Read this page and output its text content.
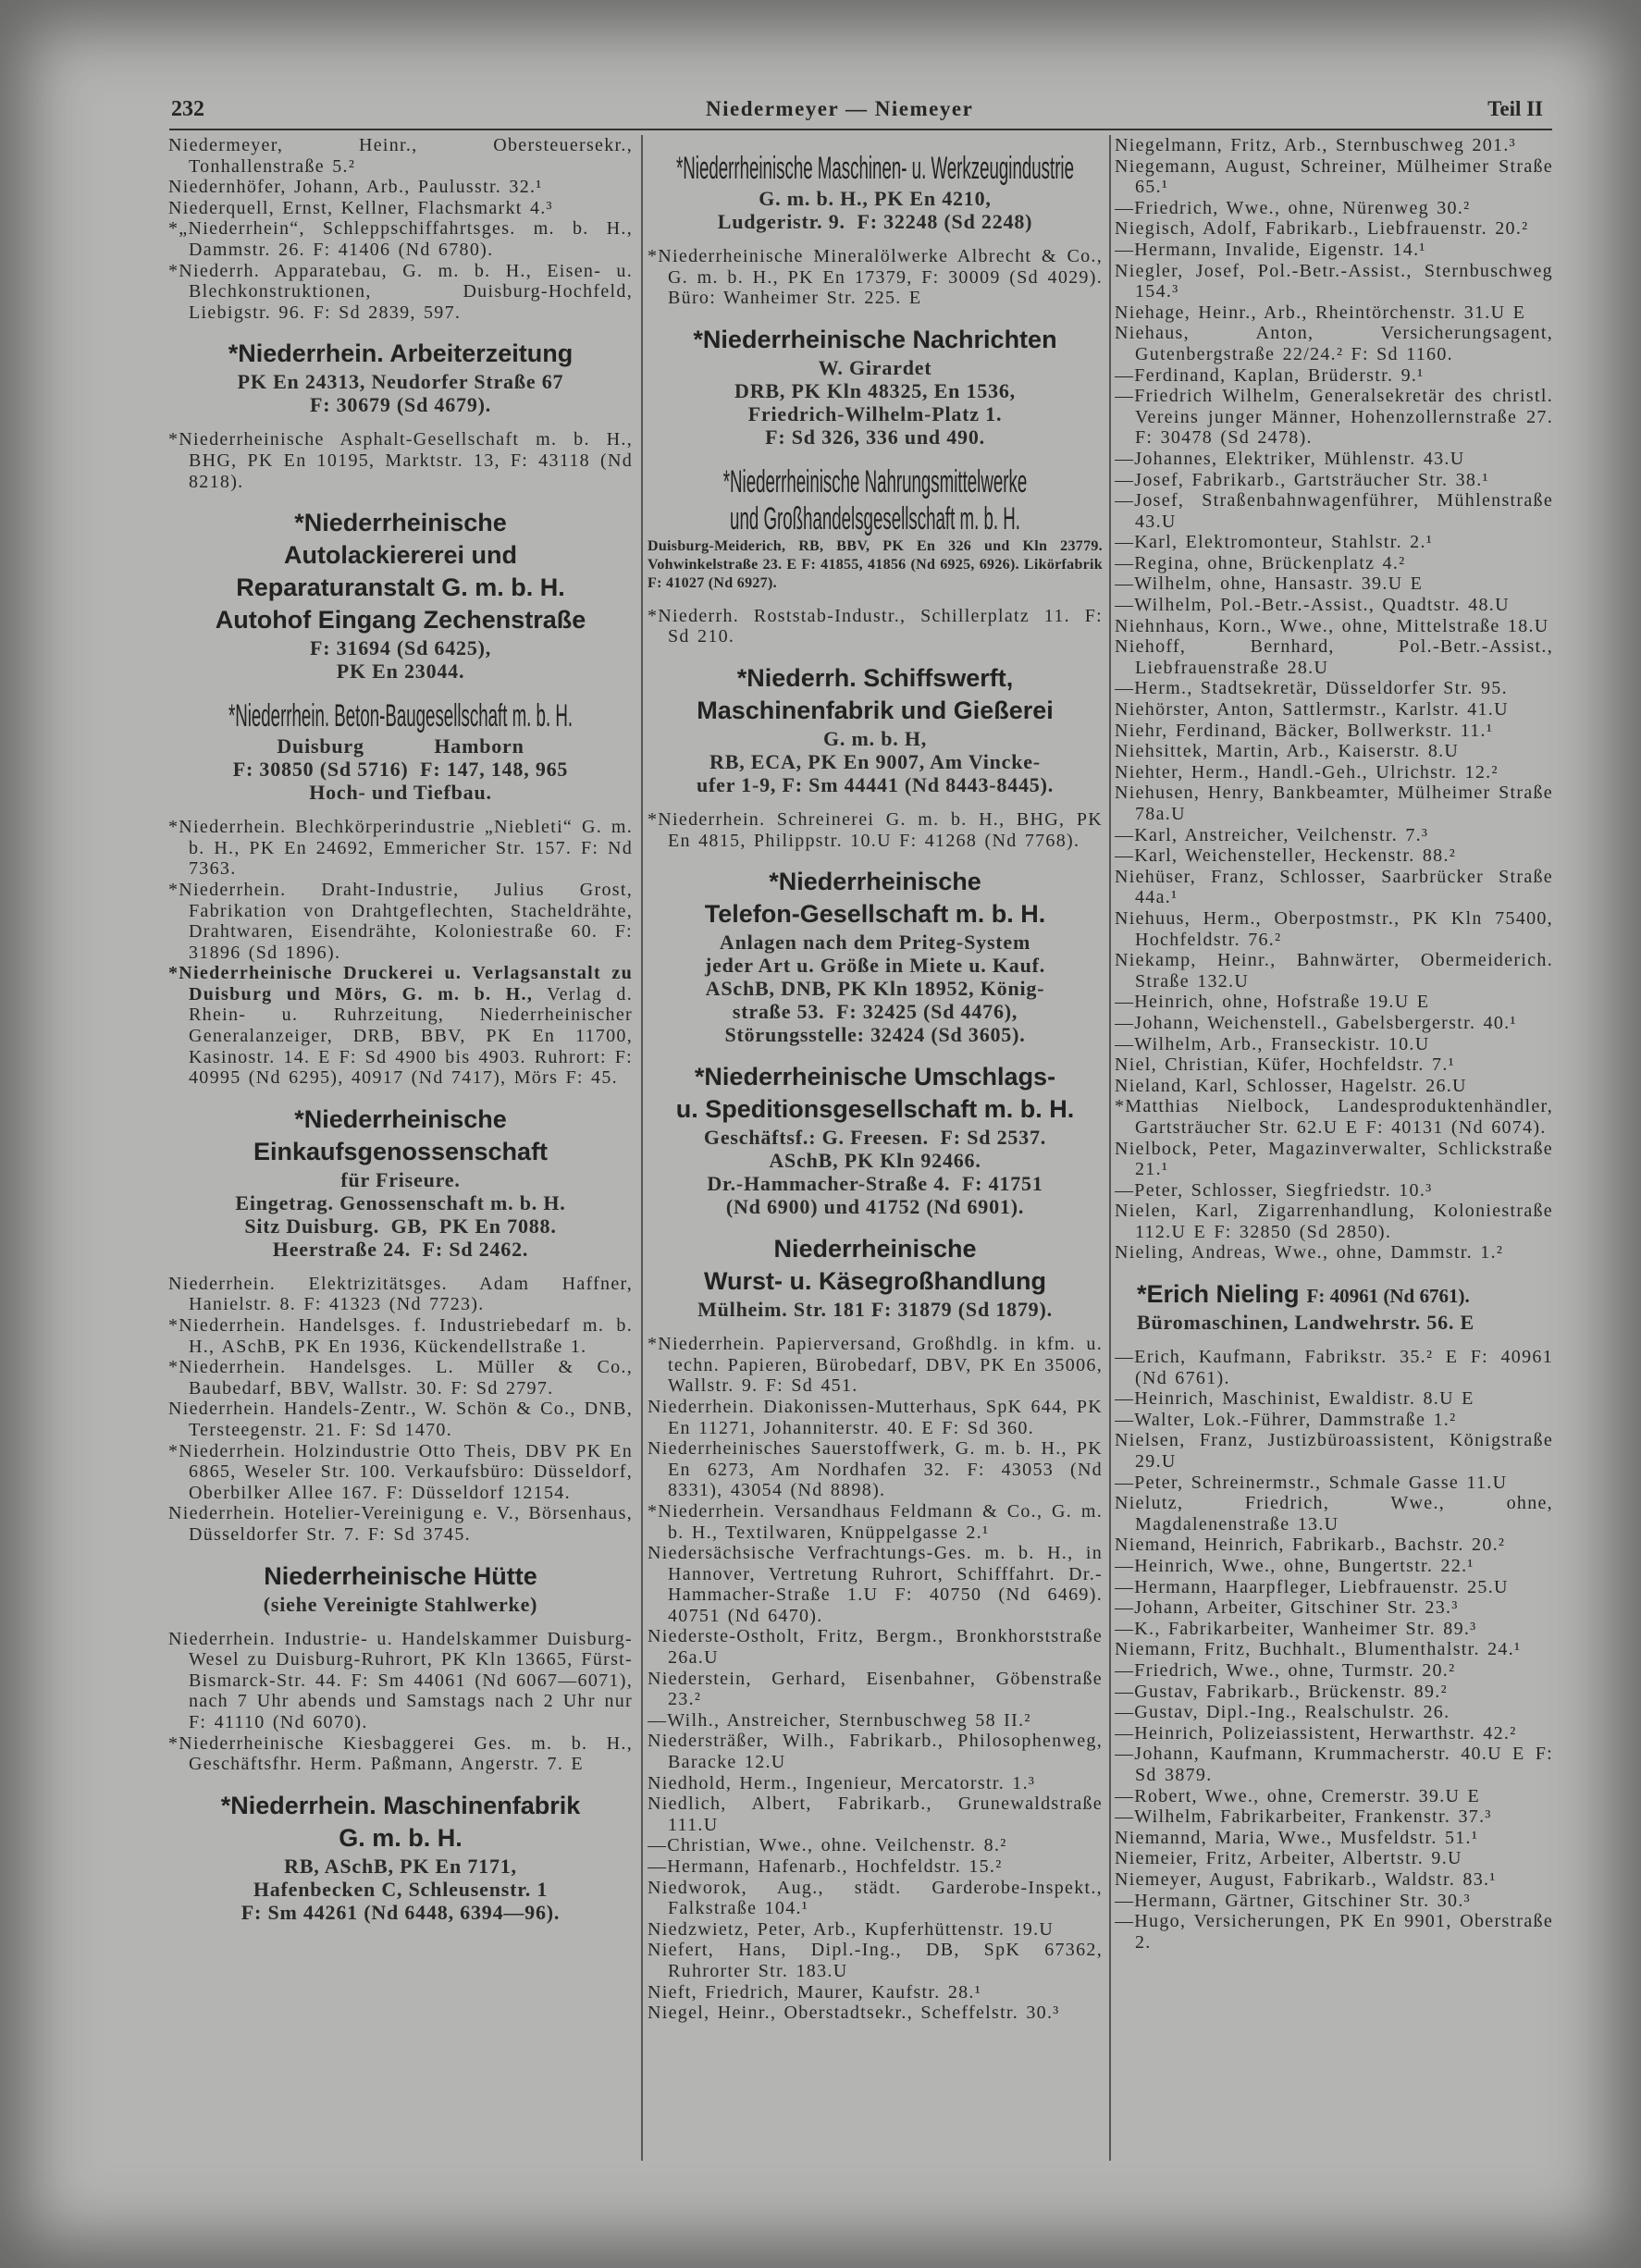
232	Niedermeyer — Niemeyer	Teil II
Niedermeyer, Heinr., Obersteuersekr., Tonhallenstraße 5.²
Niedernhöfer, Johann, Arb., Paulusstr. 32.¹
Niederquell, Ernst, Kellner, Flachsmarkt 4.³
*„Niederrhein“, Schleppschiffahrtsges. m. b. H., Dammstr. 26. F: 41406 (Nd 6780).
*Niederrh. Apparatebau, G. m. b. H., Eisen- u. Blechkonstruktionen, Duisburg-Hochfeld, Liebigstr. 96. F: Sd 2839, 597.
*Niederrhein. Arbeiterzeitung
PK En 24313, Neudorfer Straße 67
F: 30679 (Sd 4679).
*Niederrheinische Asphalt-Gesellschaft m. b. H., BHG, PK En 10195, Marktstr. 13, F: 43118 (Nd 8218).
*Niederrheinische
Autolackiererei und
Reparaturanstalt G. m. b. H.
Autohof Eingang Zechenstraße
F: 31694 (Sd 6425),
PK En 23044.
*Niederrhein. Beton-Baugesellschaft m. b. H.
Duisburg            Hamborn
F: 30850 (Sd 5716)  F: 147, 148, 965
Hoch- und Tiefbau.
*Niederrhein. Blechkörperindustrie „Niebleti“ G. m. b. H., PK En 24692, Emmericher Str. 157. F: Nd 7363.
*Niederrhein. Draht-Industrie, Julius Grost, Fabrikation von Drahtgeflechten, Stacheldrähte, Drahtwaren, Eisendrähte, Koloniestraße 60. F: 31896 (Sd 1896).
*Niederrheinische Druckerei u. Verlagsanstalt zu Duisburg und Mörs, G. m. b. H., Verlag d. Rhein- u. Ruhrzeitung, Niederrheinischer Generalanzeiger, DRB, BBV, PK En 11700, Kasinostr. 14. E F: Sd 4900 bis 4903. Ruhrort: F: 40995 (Nd 6295), 40917 (Nd 7417), Mörs F: 45.
*Niederrheinische
Einkaufsgenossenschaft
für Friseure.
Eingetrag. Genossenschaft m. b. H.
Sitz Duisburg.  GB,  PK En 7088.
Heerstraße 24.  F: Sd 2462.
Niederrhein. Elektrizitätsges. Adam Haffner, Hanielstr. 8. F: 41323 (Nd 7723).
*Niederrhein. Handelsges. f. Industriebedarf m. b. H., ASchB, PK En 1936, Kückendellstraße 1.
*Niederrhein. Handelsges. L. Müller & Co., Baubedarf, BBV, Wallstr. 30. F: Sd 2797.
Niederrhein. Handels-Zentr., W. Schön & Co., DNB, Tersteegenstr. 21. F: Sd 1470.
*Niederrhein. Holzindustrie Otto Theis, DBV PK En 6865, Weseler Str. 100. Verkaufsbüro: Düsseldorf, Oberbilker Allee 167. F: Düsseldorf 12154.
Niederrhein. Hotelier-Vereinigung e. V., Börsenhaus, Düsseldorfer Str. 7. F: Sd 3745.
Niederrheinische Hütte
(siehe Vereinigte Stahlwerke)
Niederrhein. Industrie- u. Handelskammer Duisburg-Wesel zu Duisburg-Ruhrort, PK Kln 13665, Fürst-Bismarck-Str. 44. F: Sm 44061 (Nd 6067—6071), nach 7 Uhr abends und Samstags nach 2 Uhr nur F: 41110 (Nd 6070).
*Niederrheinische Kiesbaggerei Ges. m. b. H., Geschäftsfhr. Herm. Paßmann, Angerstr. 7. E
*Niederrhein. Maschinenfabrik
G. m. b. H.
RB, ASchB, PK En 7171,
Hafenbecken C, Schleusenstr. 1
F: Sm 44261 (Nd 6448, 6394—96).
*Niederrheinische Maschinen- u. Werkzeugindustrie
G. m. b. H., PK En 4210,
Ludgeristr. 9.  F: 32248 (Sd 2248)
*Niederrheinische Mineralölwerke Albrecht & Co., G. m. b. H., PK En 17379, F: 30009 (Sd 4029). Büro: Wanheimer Str. 225. E
*Niederrheinische Nachrichten
W. Girardet
DRB, PK Kln 48325, En 1536,
Friedrich-Wilhelm-Platz 1.
F: Sd 326, 336 und 490.
*Niederrheinische Nahrungsmittelwerke
und Großhandelsgesellschaft m. b. H.
Duisburg-Meiderich, RB, BBV, PK En 326 und Kln 23779. Vohwinkelstraße 23. E F: 41855, 41856 (Nd 6925, 6926). Likörfabrik F: 41027 (Nd 6927).
*Niederrh. Roststab-Industr., Schillerplatz 11. F: Sd 210.
*Niederrh. Schiffswerft,
Maschinenfabrik und Gießerei
G. m. b. H,
RB, ECA, PK En 9007, Am Vincke-
ufer 1-9, F: Sm 44441 (Nd 8443-8445).
*Niederrhein. Schreinerei G. m. b. H., BHG, PK En 4815, Philippstr. 10.U F: 41268 (Nd 7768).
*Niederrheinische
Telefon-Gesellschaft m. b. H.
Anlagen nach dem Priteg-System
jeder Art u. Größe in Miete u. Kauf.
ASchB, DNB, PK Kln 18952, König-
straße 53.  F: 32425 (Sd 4476),
Störungsstelle: 32424 (Sd 3605).
*Niederrheinische Umschlags-
u. Speditionsgesellschaft m. b. H.
Geschäftsf.: G. Freesen.  F: Sd 2537.
ASchB, PK Kln 92466.
Dr.-Hammacher-Straße 4.  F: 41751
(Nd 6900) und 41752 (Nd 6901).
Niederrheinische
Wurst- u. Käsegroßhandlung
Mülheim. Str. 181 F: 31879 (Sd 1879).
*Niederrhein. Papierversand, Großhdlg. in kfm. u. techn. Papieren, Bürobedarf, DBV, PK En 35006, Wallstr. 9. F: Sd 451.
Niederrhein. Diakonissen-Mutterhaus, SpK 644, PK En 11271, Johanniterstr. 40. E F: Sd 360.
Niederrheinisches Sauerstoffwerk, G. m. b. H., PK En 6273, Am Nordhafen 32. F: 43053 (Nd 8331), 43054 (Nd 8898).
*Niederrhein. Versandhaus Feldmann & Co., G. m. b. H., Textilwaren, Knüppelgasse 2.¹
Niedersächsische Verfrachtungs-Ges. m. b. H., in Hannover, Vertretung Ruhrort, Schifffahrt. Dr.-Hammacher-Straße 1.U F: 40750 (Nd 6469). 40751 (Nd 6470).
Niederste-Ostholt, Fritz, Bergm., Bronkhorststraße 26a.U
Niederstein, Gerhard, Eisenbahner, Göbenstraße 23.²
—Wilh., Anstreicher, Sternbuschweg 58 II.²
Niedersträßer, Wilh., Fabrikarb., Philosophenweg, Baracke 12.U
Niedhold, Herm., Ingenieur, Mercatorstr. 1.³
Niedlich, Albert, Fabrikarb., Grunewaldstraße 111.U
—Christian, Wwe., ohne. Veilchenstr. 8.²
—Hermann, Hafenarb., Hochfeldstr. 15.²
Niedworok, Aug., städt. Garderobe-Inspekt., Falkstraße 104.¹
Niedzwietz, Peter, Arb., Kupferhüttenstr. 19.U
Niefert, Hans, Dipl.-Ing., DB, SpK 67362, Ruhrorter Str. 183.U
Nieft, Friedrich, Maurer, Kaufstr. 28.¹
Niegel, Heinr., Oberstadtsekr., Scheffelstr. 30.³
Niegelmann, Fritz, Arb., Sternbuschweg 201.³
Niegemann, August, Schreiner, Mülheimer Straße 65.¹
—Friedrich, Wwe., ohne, Nürenweg 30.²
Niegisch, Adolf, Fabrikarb., Liebfrauenstr. 20.²
—Hermann, Invalide, Eigenstr. 14.¹
Niegler, Josef, Pol.-Betr.-Assist., Sternbuschweg 154.³
Niehage, Heinr., Arb., Rheintörchenstr. 31.U E
Niehaus, Anton, Versicherungsagent, Gutenbergstraße 22/24.² F: Sd 1160.
—Ferdinand, Kaplan, Brüderstr. 9.¹
—Friedrich Wilhelm, Generalsekretär des christl. Vereins junger Männer, Hohenzollernstraße 27. F: 30478 (Sd 2478).
—Johannes, Elektriker, Mühlenstr. 43.U
—Josef, Fabrikarb., Gartsträucher Str. 38.¹
—Josef, Straßenbahnwagenführer, Mühlenstraße 43.U
—Karl, Elektromonteur, Stahlstr. 2.¹
—Regina, ohne, Brückenplatz 4.²
—Wilhelm, ohne, Hansastr. 39.U E
—Wilhelm, Pol.-Betr.-Assist., Quadtstr. 48.U
Niehnhaus, Korn., Wwe., ohne, Mittelstraße 18.U
Niehoff, Bernhard, Pol.-Betr.-Assist., Liebfrauenstraße 28.U
—Herm., Stadtsekretär, Düsseldorfer Str. 95.
Niehörster, Anton, Sattlermstr., Karlstr. 41.U
Niehr, Ferdinand, Bäcker, Bollwerkstr. 11.¹
Niehsittek, Martin, Arb., Kaiserstr. 8.U
Niehter, Herm., Handl.-Geh., Ulrichstr. 12.²
Niehusen, Henry, Bankbeamter, Mülheimer Straße 78a.U
—Karl, Anstreicher, Veilchenstr. 7.³
—Karl, Weichensteller, Heckenstr. 88.²
Niehüser, Franz, Schlosser, Saarbrücker Straße 44a.¹
Niehuus, Herm., Oberpostmstr., PK Kln 75400, Hochfeldstr. 76.²
Niekamp, Heinr., Bahnwärter, Obermeiderich. Straße 132.U
—Heinrich, ohne, Hofstraße 19.U E
—Johann, Weichenstell., Gabelsbergerstr. 40.¹
—Wilhelm, Arb., Franseckistr. 10.U
Niel, Christian, Küfer, Hochfeldstr. 7.¹
Nieland, Karl, Schlosser, Hagelstr. 26.U
*Matthias Nielbock, Landesproduktenhändler, Gartsträucher Str. 62.U E F: 40131 (Nd 6074).
Nielbock, Peter, Magazinverwalter, Schlickstraße 21.¹
—Peter, Schlosser, Siegfriedstr. 10.³
Nielen, Karl, Zigarrenhandlung, Koloniestraße 112.U E F: 32850 (Sd 2850).
Nieling, Andreas, Wwe., ohne, Dammstr. 1.²
*Erich Nieling F: 40961 (Nd 6761).
Büromaschinen, Landwehrstr. 56. E
—Erich, Kaufmann, Fabrikstr. 35.² E F: 40961 (Nd 6761).
—Heinrich, Maschinist, Ewaldistr. 8.U E
—Walter, Lok.-Führer, Dammstraße 1.²
Nielsen, Franz, Justizbüroassistent, Königstraße 29.U
—Peter, Schreinermstr., Schmale Gasse 11.U
Nielutz, Friedrich, Wwe., ohne, Magdalenenstraße 13.U
Niemand, Heinrich, Fabrikarb., Bachstr. 20.²
—Heinrich, Wwe., ohne, Bungertstr. 22.¹
—Hermann, Haarpfleger, Liebfrauenstr. 25.U
—Johann, Arbeiter, Gitschiner Str. 23.³
—K., Fabrikarbeiter, Wanheimer Str. 89.³
Niemann, Fritz, Buchhalt., Blumenthalstr. 24.¹
—Friedrich, Wwe., ohne, Turmstr. 20.²
—Gustav, Fabrikarb., Brückenstr. 89.²
—Gustav, Dipl.-Ing., Realschulstr. 26.
—Heinrich, Polizeiassistent, Herwarthstr. 42.²
—Johann, Kaufmann, Krummacherstr. 40.U E F: Sd 3879.
—Robert, Wwe., ohne, Cremerstr. 39.U E
—Wilhelm, Fabrikarbeiter, Frankenstr. 37.³
Niemannd, Maria, Wwe., Musfeldstr. 51.¹
Niemeier, Fritz, Arbeiter, Albertstr. 9.U
Niemeyer, August, Fabrikarb., Waldstr. 83.¹
—Hermann, Gärtner, Gitschiner Str. 30.³
—Hugo, Versicherungen, PK En 9901, Oberstraße 2.
